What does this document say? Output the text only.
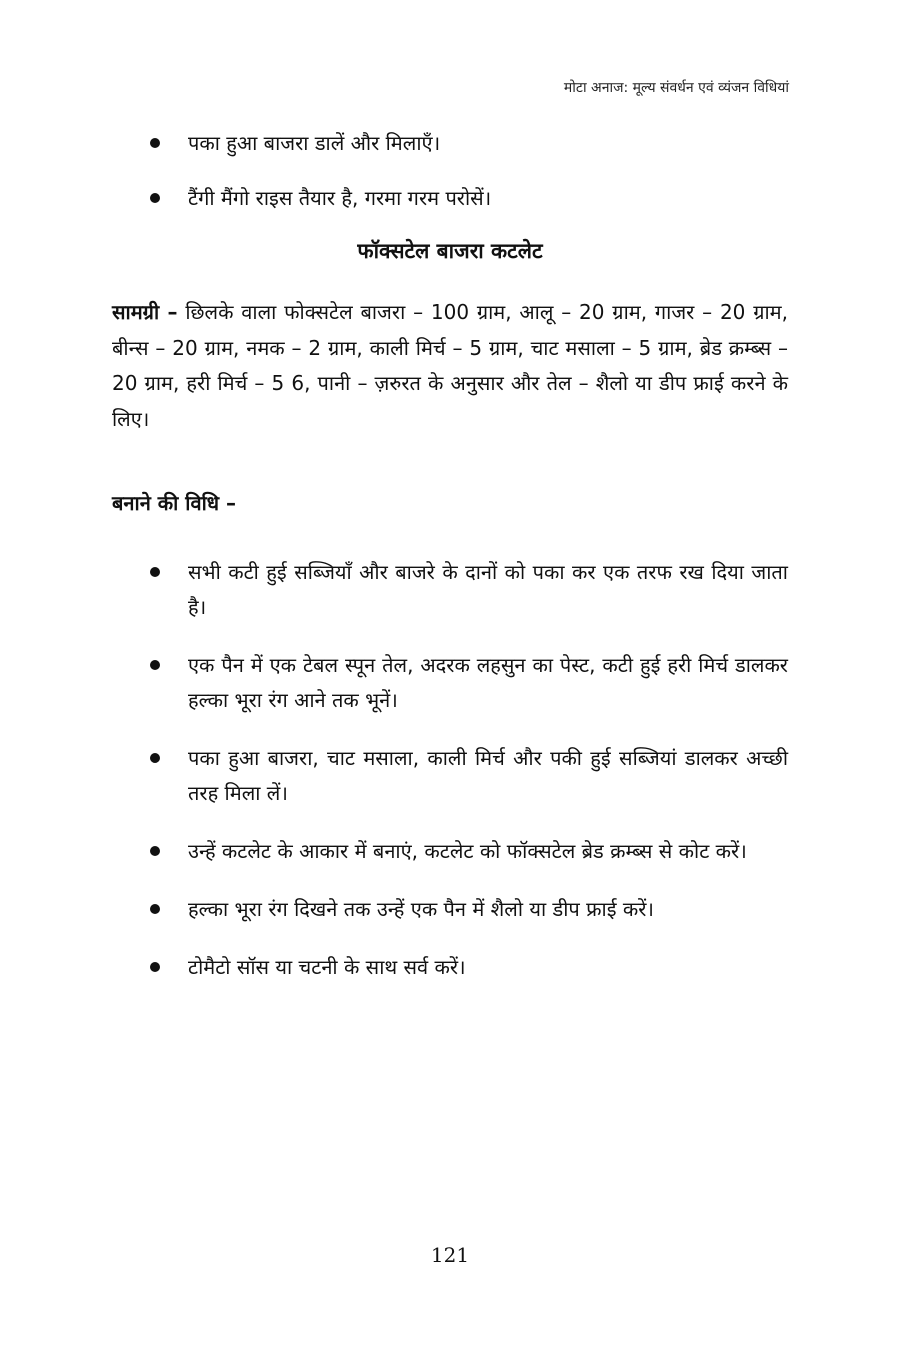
मोटा अनाज: मूल्य संवर्धन एवं व्यंजन विधियां
पका हुआ बाजरा डालें और मिलाएँ।
टैंगी मैंगो राइस तैयार है, गरमा गरम परोसें।
फॉक्सटेल बाजरा कटलेट

सामग्री – छिलके वाला फोक्सटेल बाजरा – 100 ग्राम, आलू – 20 ग्राम, गाजर – 20 ग्राम, बीन्स – 20 ग्राम, नमक – 2 ग्राम, काली मिर्च – 5 ग्राम, चाट मसाला – 5 ग्राम, ब्रेड क्रम्ब्स – 20 ग्राम, हरी मिर्च – 5 6, पानी – ज़रुरत के अनुसार और तेल – शैलो या डीप फ्राई करने के लिए।

बनाने की विधि –
सभी कटी हुई सब्जियाँ और बाजरे के दानों को पका कर एक तरफ रख दिया जाता है।
एक पैन में एक टेबल स्पून तेल, अदरक लहसुन का पेस्ट, कटी हुई हरी मिर्च डालकर हल्का भूरा रंग आने तक भूनें।
पका हुआ बाजरा, चाट मसाला, काली मिर्च और पकी हुई सब्जियां डालकर अच्छी तरह मिला लें।
उन्हें कटलेट के आकार में बनाएं, कटलेट को फॉक्सटेल ब्रेड क्रम्ब्स से कोट करें।
हल्का भूरा रंग दिखने तक उन्हें एक पैन में शैलो या डीप फ्राई करें।
टोमैटो सॉस या चटनी के साथ सर्व करें।
121
